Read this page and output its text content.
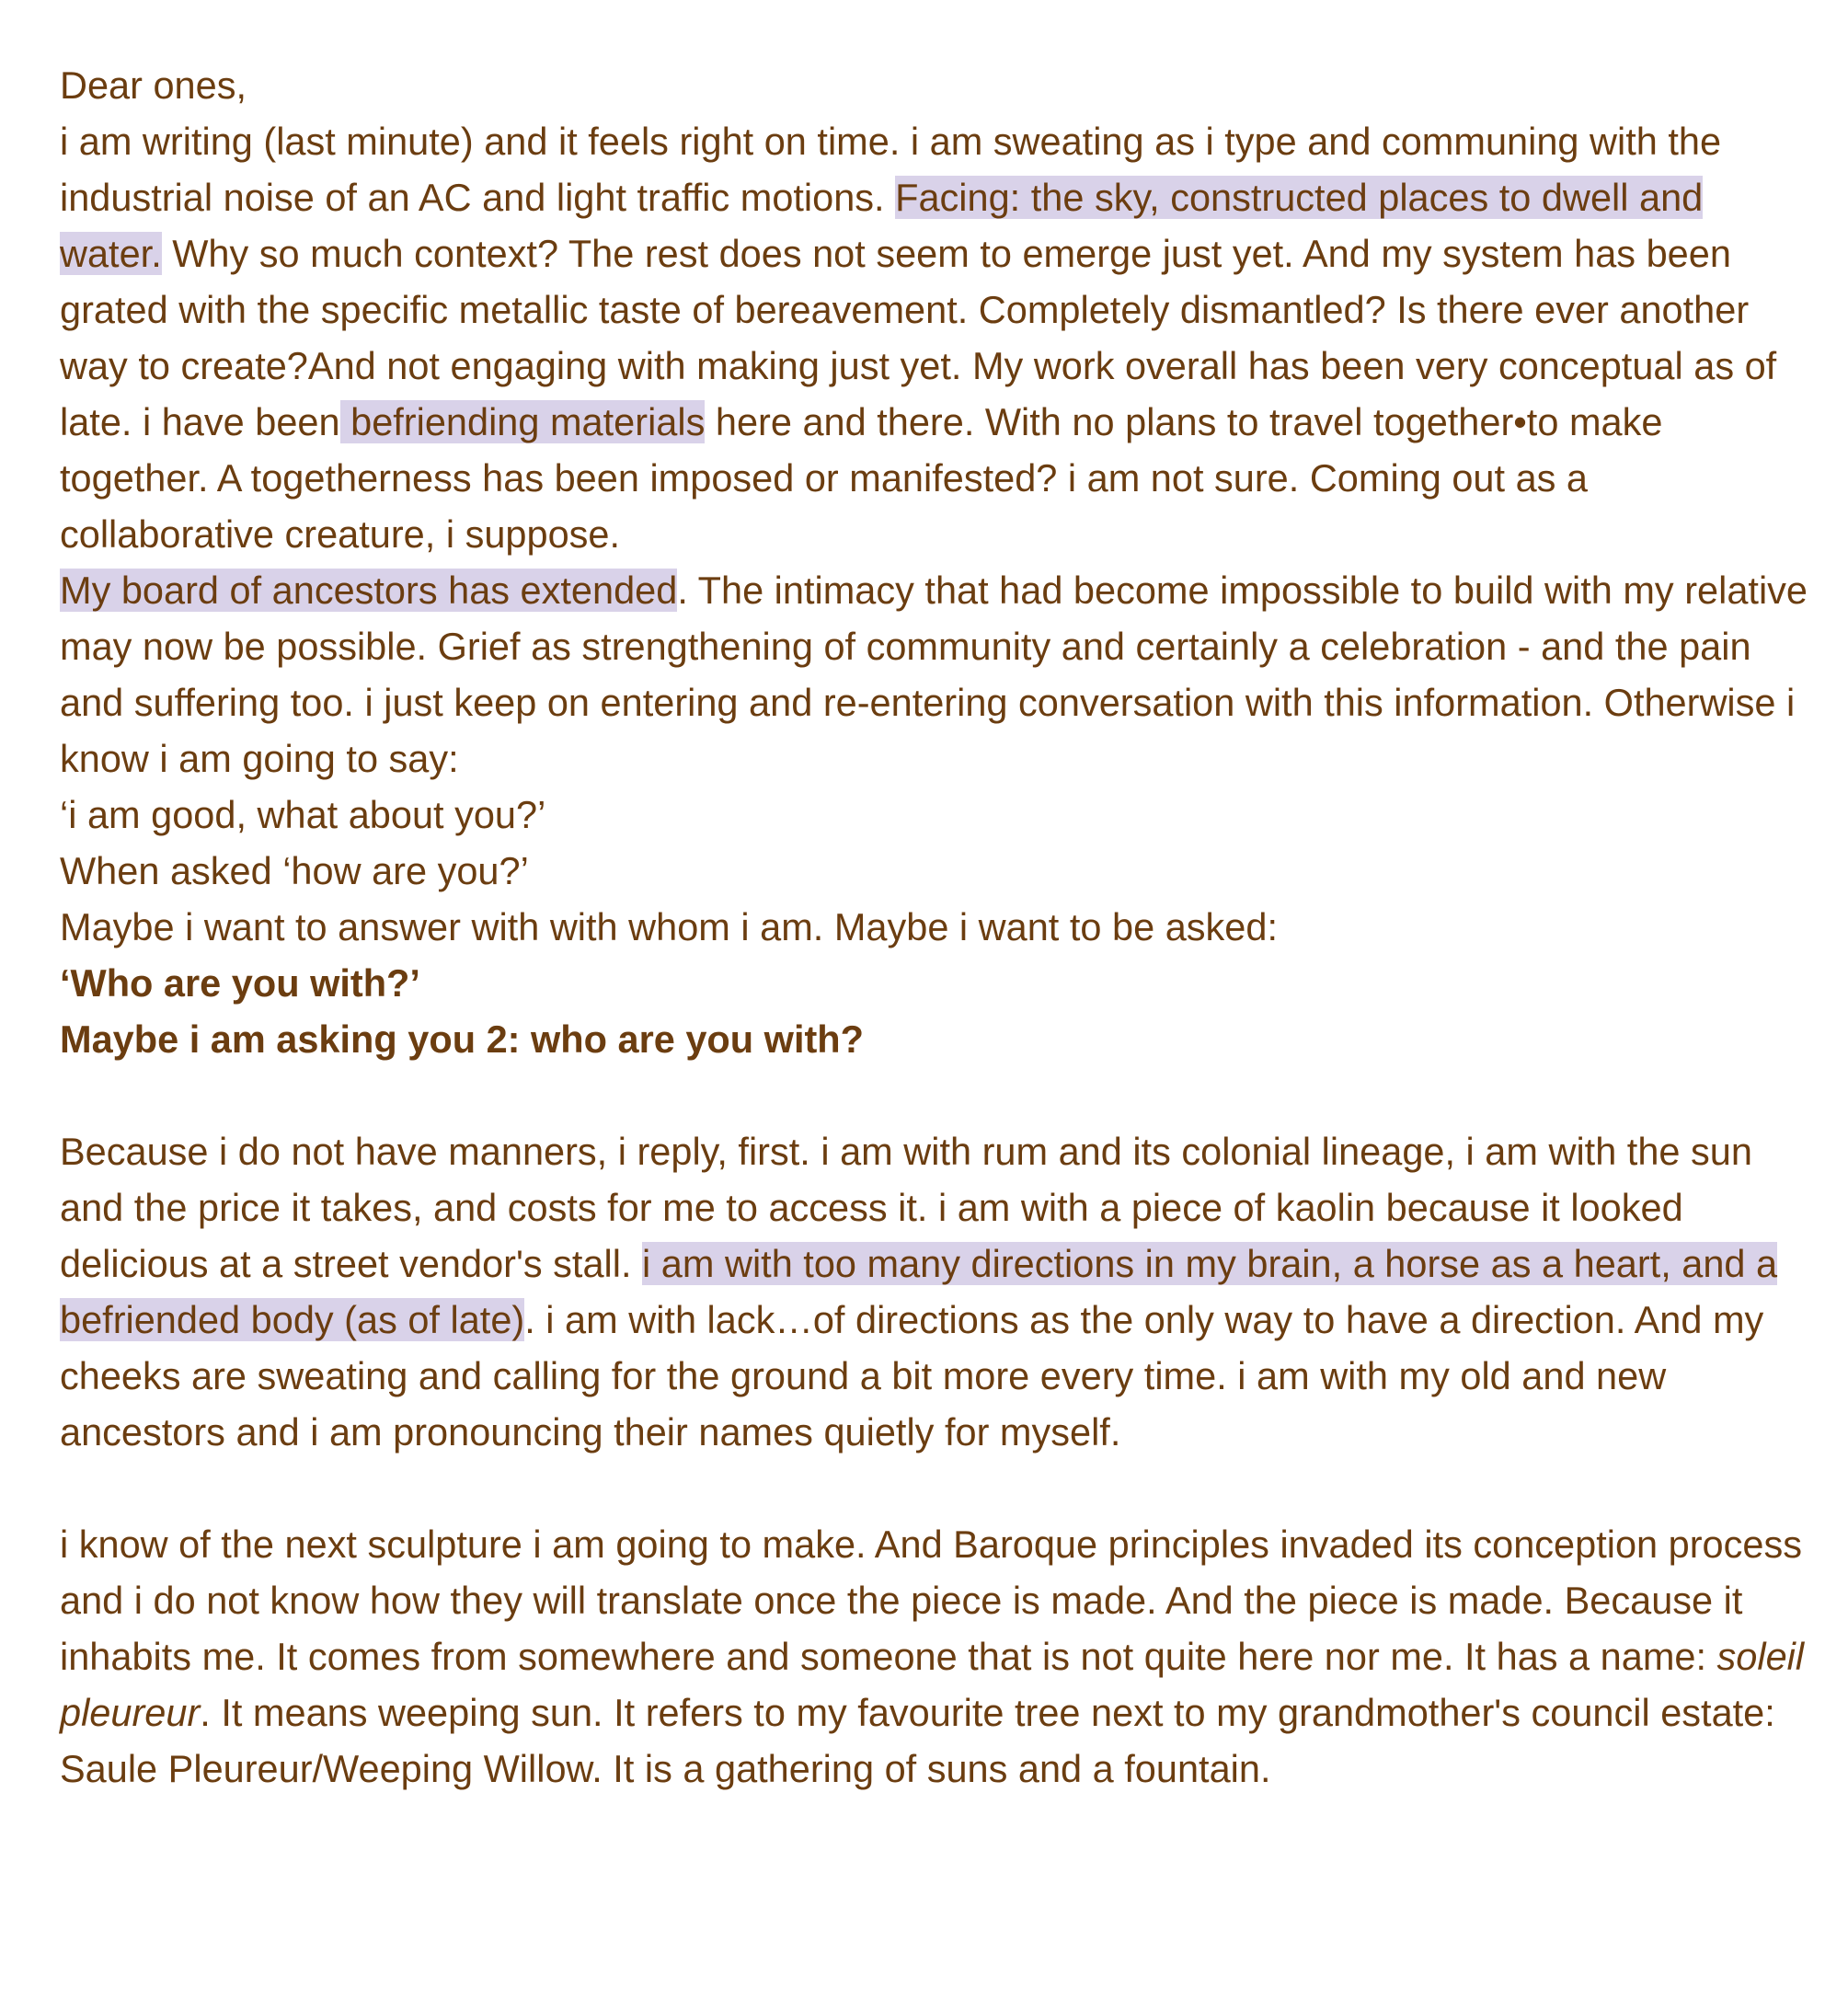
Dear ones,

i am writing (last minute) and it feels right on time. i am sweating as i type and communing with the industrial noise of an AC and light traffic motions. Facing: the sky, constructed places to dwell and water. Why so much context? The rest does not seem to emerge just yet. And my system has been grated with the specific metallic taste of bereavement. Completely dismantled? Is there ever another way to create?And not engaging with making just yet. My work overall has been very conceptual as of late. i have been befriending materials here and there. With no plans to travel together•to make together. A togetherness has been imposed or manifested? i am not sure. Coming out as a collaborative creature, i suppose.

My board of ancestors has extended. The intimacy that had become impossible to build with my relative may now be possible. Grief as strengthening of community and certainly a celebration - and the pain and suffering too. i just keep on entering and re-entering conversation with this information. Otherwise i know i am going to say:

‘i am good, what about you?’

When asked ‘how are you?’

Maybe i want to answer with with whom i am. Maybe i want to be asked:

‘Who are you with?’

Maybe i am asking you 2: who are you with?

Because i do not have manners, i reply, first. i am with rum and its colonial lineage, i am with the sun and the price it takes, and costs for me to access it. i am with a piece of kaolin because it looked delicious at a street vendor's stall. i am with too many directions in my brain, a horse as a heart, and a befriended body (as of late). i am with lack…of directions as the only way to have a direction. And my cheeks are sweating and calling for the ground a bit more every time. i am with my old and new ancestors and i am pronouncing their names quietly for myself.

i know of the next sculpture i am going to make. And Baroque principles invaded its conception process and i do not know how they will translate once the piece is made. And the piece is made. Because it inhabits me. It comes from somewhere and someone that is not quite here nor me. It has a name: soleil pleureur. It means weeping sun. It refers to my favourite tree next to my grandmother's council estate: Saule Pleureur/Weeping Willow. It is a gathering of suns and a fountain.
